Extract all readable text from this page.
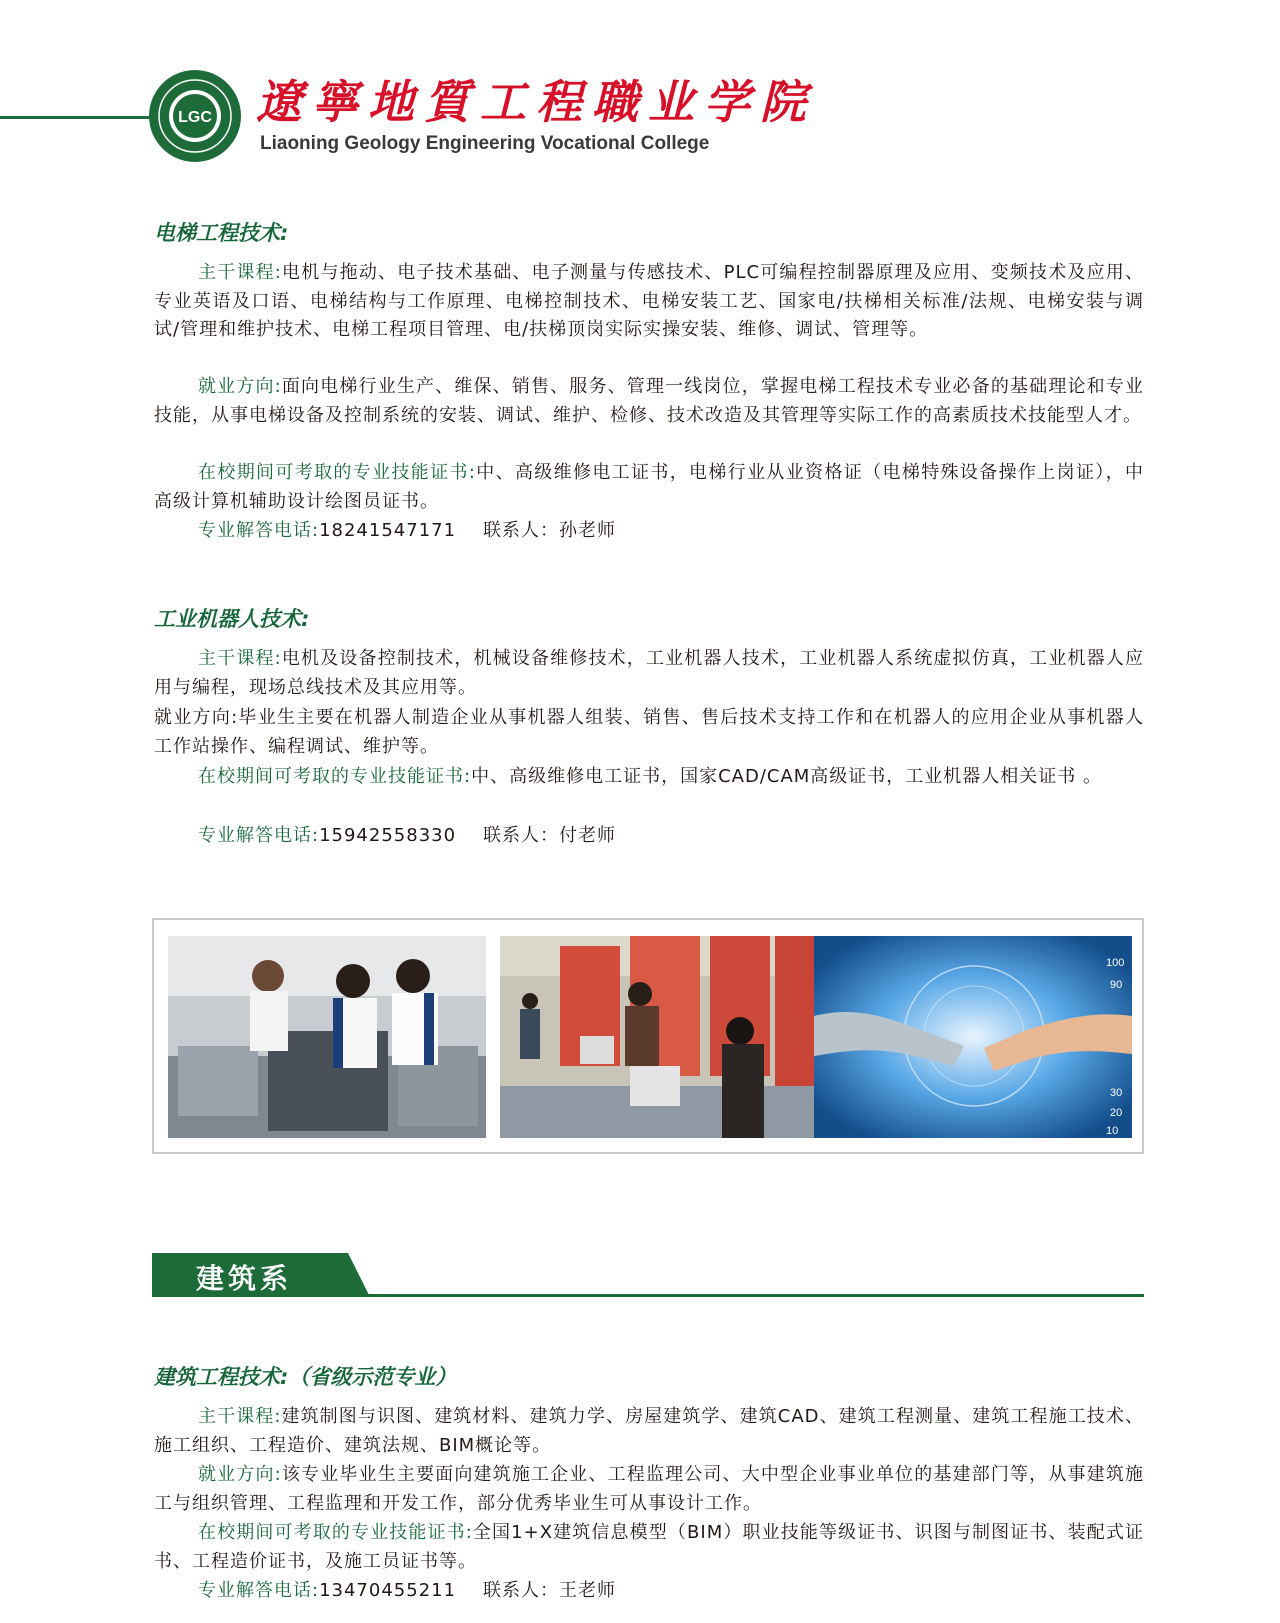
LGC 遼寧地質工程職业学院
Liaoning Geology Engineering Vocational College
电梯工程技术:

主干课程:电机与拖动、电子技术基础、电子测量与传感技术、PLC可编程控制器原理及应用、变频技术及应用、专业英语及口语、电梯结构与工作原理、电梯控制技术、电梯安装工艺、国家电/扶梯相关标准/法规、电梯安装与调试/管理和维护技术、电梯工程项目管理、电/扶梯顶岗实际实操安装、维修、调试、管理等。

就业方向:面向电梯行业生产、维保、销售、服务、管理一线岗位，掌握电梯工程技术专业必备的基础理论和专业技能，从事电梯设备及控制系统的安装、调试、维护、检修、技术改造及其管理等实际工作的高素质技术技能型人才。

在校期间可考取的专业技能证书:中、高级维修电工证书，电梯行业从业资格证（电梯特殊设备操作上岗证），中高级计算机辅助设计绘图员证书。

专业解答电话:18241547171 联系人：孙老师

工业机器人技术:

主干课程:电机及设备控制技术，机械设备维修技术，工业机器人技术，工业机器人系统虚拟仿真，工业机器人应用与编程，现场总线技术及其应用等。

就业方向:毕业生主要在机器人制造企业从事机器人组装、销售、售后技术支持工作和在机器人的应用企业从事机器人工作站操作、编程调试、维护等。

在校期间可考取的专业技能证书:中、高级维修电工证书，国家CAD/CAM高级证书，工业机器人相关证书 。

专业解答电话:15942558330 联系人：付老师

100
90
30
20
10
建筑系
建筑工程技术:（省级示范专业）

主干课程:建筑制图与识图、建筑材料、建筑力学、房屋建筑学、建筑CAD、建筑工程测量、建筑工程施工技术、施工组织、工程造价、建筑法规、BIM概论等。

就业方向:该专业毕业生主要面向建筑施工企业、工程监理公司、大中型企业事业单位的基建部门等，从事建筑施工与组织管理、工程监理和开发工作，部分优秀毕业生可从事设计工作。

在校期间可考取的专业技能证书:全国1+X建筑信息模型（BIM）职业技能等级证书、识图与制图证书、装配式证书、工程造价证书，及施工员证书等。

专业解答电话:13470455211 联系人：王老师
